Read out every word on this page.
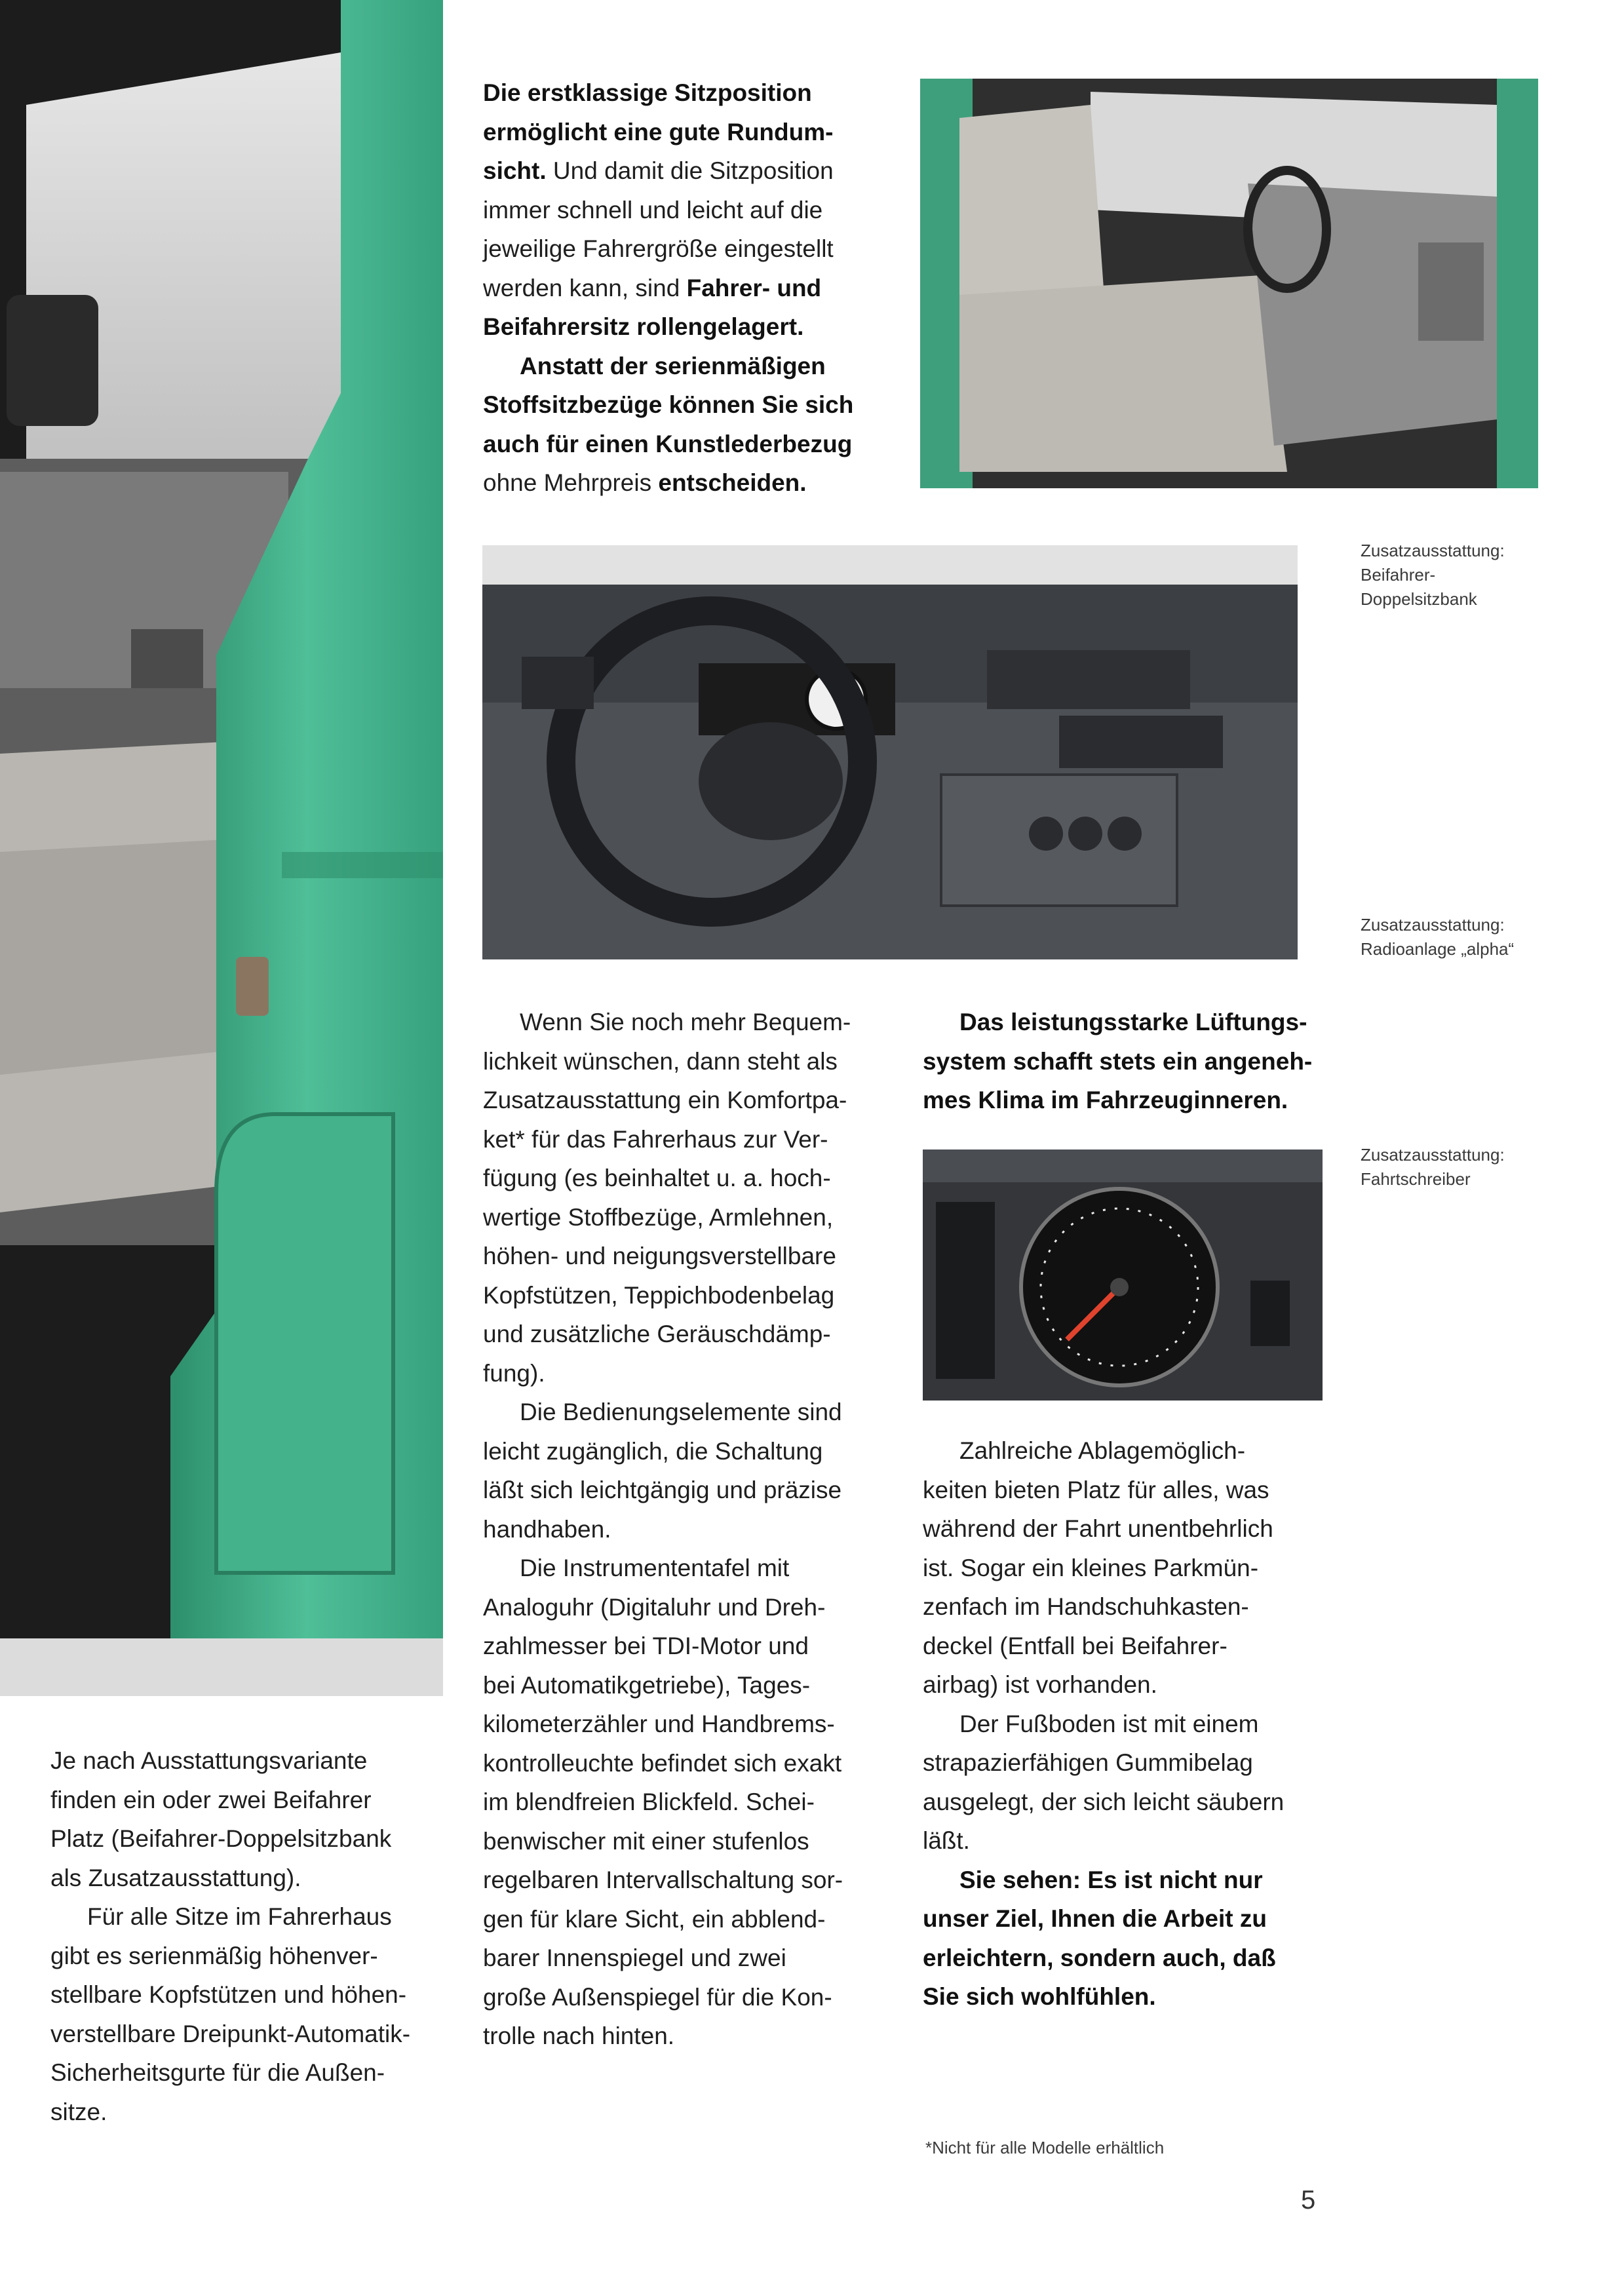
Die erstklassige Sitzposition

ermöglicht eine gute Rundum-

sicht. Und damit die Sitzposition

immer schnell und leicht auf die

jeweilige Fahrergröße eingestellt

werden kann, sind Fahrer- und

Beifahrersitz rollengelagert.

Anstatt der serienmäßigen

Stoffsitzbezüge können Sie sich

auch für einen Kunstlederbezug

ohne Mehrpreis entscheiden.

Zusatzausstattung:
Beifahrer-
Doppelsitzbank
Zusatzausstattung:
Radioanlage „alpha“
Zusatzausstattung:
Fahrtschreiber

Je nach Ausstattungsvariante
finden ein oder zwei Beifahrer
Platz (Beifahrer-Doppelsitzbank
als Zusatzausstattung).

Für alle Sitze im Fahrerhaus
gibt es serienmäßig höhenver-
stellbare Kopfstützen und höhen-
verstellbare Dreipunkt-Automatik-
Sicherheitsgurte für die Außen-
sitze.

Wenn Sie noch mehr Bequem-
lichkeit wünschen, dann steht als
Zusatzausstattung ein Komfortpa-
ket* für das Fahrerhaus zur Ver-
fügung (es beinhaltet u. a. hoch-
wertige Stoffbezüge, Armlehnen,
höhen- und neigungsverstellbare
Kopfstützen, Teppichbodenbelag
und zusätzliche Geräuschdämp-
fung).

Die Bedienungselemente sind
leicht zugänglich, die Schaltung
läßt sich leichtgängig und präzise
handhaben.

Die Instrumententafel mit
Analoguhr (Digitaluhr und Dreh-
zahlmesser bei TDI-Motor und
bei Automatikgetriebe), Tages-
kilometerzähler und Handbrems-
kontrolleuchte befindet sich exakt
im blendfreien Blickfeld. Schei-
benwischer mit einer stufenlos
regelbaren Intervallschaltung sor-
gen für klare Sicht, ein abblend-
barer Innenspiegel und zwei
große Außenspiegel für die Kon-
trolle nach hinten.

Das leistungsstarke Lüftungs-
system schafft stets ein angeneh-
mes Klima im Fahrzeuginneren.

Zahlreiche Ablagemöglich-
keiten bieten Platz für alles, was
während der Fahrt unentbehrlich
ist. Sogar ein kleines Parkmün-
zenfach im Handschuhkasten-
deckel (Entfall bei Beifahrer-
airbag) ist vorhanden.

Der Fußboden ist mit einem
strapazierfähigen Gummibelag
ausgelegt, der sich leicht säubern
läßt.

Sie sehen: Es ist nicht nur
unser Ziel, Ihnen die Arbeit zu
erleichtern, sondern auch, daß
Sie sich wohlfühlen.

*Nicht für alle Modelle erhältlich
5
